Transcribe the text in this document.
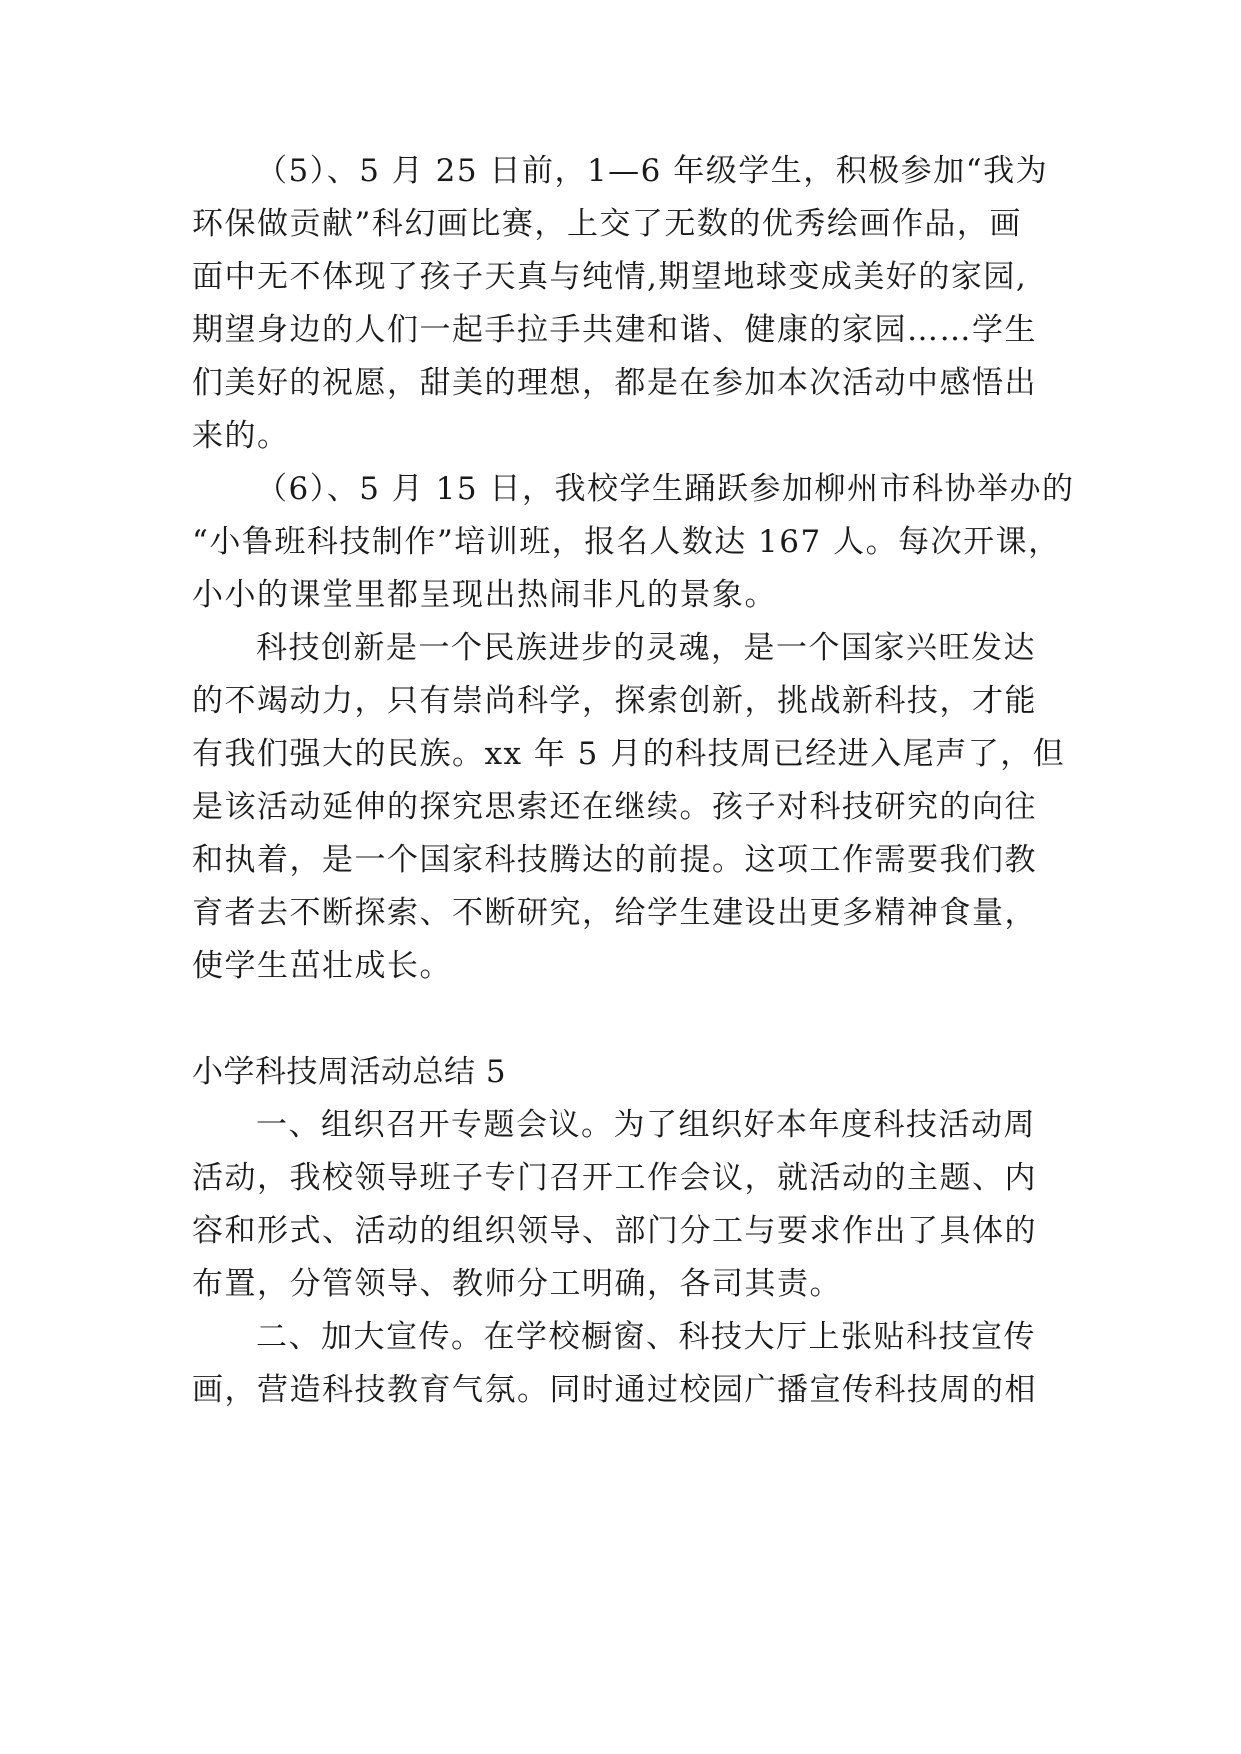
（5）、5 月 25 日前，1—6 年级学生，积极参加“我为
环保做贡献”科幻画比赛，上交了无数的优秀绘画作品，画
面中无不体现了孩子天真与纯情,期望地球变成美好的家园,
期望身边的人们一起手拉手共建和谐、健康的家园……学生
们美好的祝愿，甜美的理想，都是在参加本次活动中感悟出
来的。
（6）、5 月 15 日，我校学生踊跃参加柳州市科协举办的
“小鲁班科技制作”培训班，报名人数达 167 人。每次开课，
小小的课堂里都呈现出热闹非凡的景象。
科技创新是一个民族进步的灵魂，是一个国家兴旺发达
的不竭动力，只有崇尚科学，探索创新，挑战新科技，才能
有我们强大的民族。xx 年 5 月的科技周已经进入尾声了，但
是该活动延伸的探究思索还在继续。孩子对科技研究的向往
和执着，是一个国家科技腾达的前提。这项工作需要我们教
育者去不断探索、不断研究，给学生建设出更多精神食量，
使学生茁壮成长。
小学科技周活动总结 5
一、组织召开专题会议。为了组织好本年度科技活动周
活动，我校领导班子专门召开工作会议，就活动的主题、内
容和形式、活动的组织领导、部门分工与要求作出了具体的
布置，分管领导、教师分工明确，各司其责。
二、加大宣传。在学校橱窗、科技大厅上张贴科技宣传
画，营造科技教育气氛。同时通过校园广播宣传科技周的相
